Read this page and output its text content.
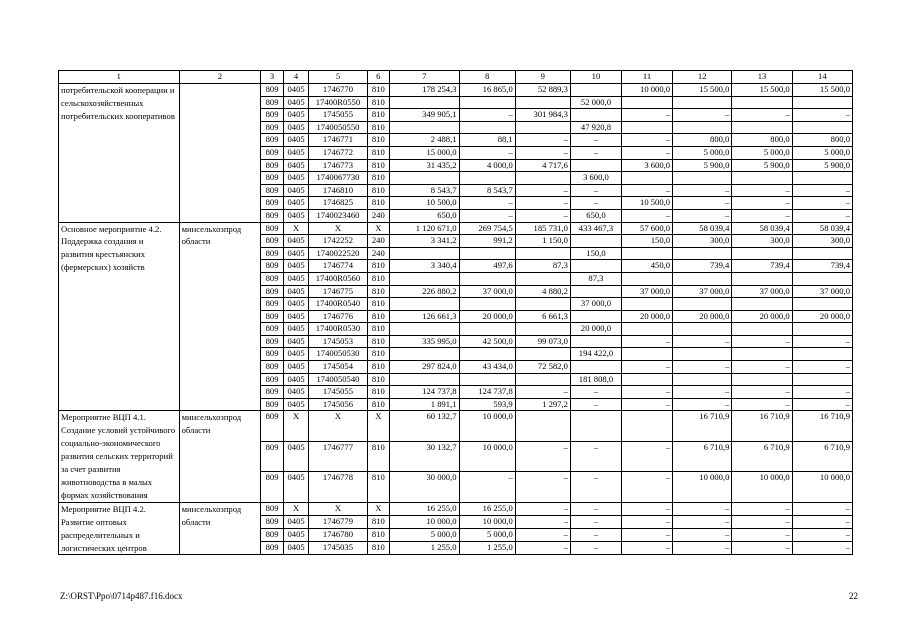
1	2	3	4	5	6	7	8	9	10	11	12	13	14
потребительской кооперации и сельскохозяйственных потребительских кооперативов		809	0405	1746770	810	178 254,3	16 865,0	52 889,3		10 000,0	15 500,0	15 500,0	15 500,0
		809	0405	17400R0550	810				52 000,0				
		809	0405	1745055	810	349 905,1	–	301 984,3		–	–	–	–
		809	0405	1740050550	810				47 920,8				
		809	0405	1746771	810	2 488,1	88,1	–	–	–	800,0	800,0	800,0
		809	0405	1746772	810	15 000,0	–	–	–	–	5 000,0	5 000,0	5 000,0
		809	0405	1746773	810	31 435,2	4 000,0	4 717,6		3 600,0	5 900,0	5 900,0	5 900,0
		809	0405	1740067730	810				3 600,0				
		809	0405	1746810	810	8 543,7	8 543,7	–	–	–	–	–	–
		809	0405	1746825	810	10 500,0	–	–	–	10 500,0	–	–	–
		809	0405	1740023460	240	650,0	–	–	650,0	–	–	–	–
Основное мероприятие 4.2. Поддержка создания и развития крестьянских (фермерских) хозяйств	минсельхозпрод области	809	Х	Х	Х	1 120 671,0	269 754,5	185 731,0	433 467,3	57 600,0	58 039,4	58 039,4	58 039,4
		809	0405	1742252	240	3 341,2	991,2	1 150,0		150,0	300,0	300,0	300,0
		809	0405	1740022520	240				150,0				
		809	0405	1746774	810	3 340,4	497,6	87,3		450,0	739,4	739,4	739,4
		809	0405	17400R0560	810				87,3				
		809	0405	1746775	810	226 880,2	37 000,0	4 880,2		37 000,0	37 000,0	37 000,0	37 000,0
		809	0405	17400R0540	810				37 000,0				
		809	0405	1746776	810	126 661,3	20 000,0	6 661,3		20 000,0	20 000,0	20 000,0	20 000,0
		809	0405	17400R0530	810				20 000,0				
		809	0405	1745053	810	335 995,0	42 500,0	99 073,0		–	–	–	–
		809	0405	1740050530	810				194 422,0				
		809	0405	1745054	810	297 824,0	43 434,0	72 582,0		–	–	–	–
		809	0405	1740050540	810				181 808,0				
		809	0405	1745055	810	124 737,8	124 737,8	–	–	–	–	–	–
		809	0405	1745056	810	1 891,1	593,9	1 297,2	–	–	–	–	–
Мероприятие ВЦП 4.1. Создание условий устойчивого социально-экономического развития сельских территорий за счет развития животноводства в малых формах хозяйствования	минсельхозпрод области	809	Х	Х	Х	60 132,7	10 000,0				16 710,9	16 710,9	16 710,9
		809	0405	1746777	810	30 132,7	10 000,0	–	–	–	6 710,9	6 710,9	6 710,9
		809	0405	1746778	810	30 000,0	–	–	–	–	10 000,0	10 000,0	10 000,0
Мероприятие ВЦП 4.2. Развитие оптовых распределительных и логистических центров	минсельхозпрод области	809	Х	Х	Х	16 255,0	16 255,0	–	–	–	–	–	–
		809	0405	1746779	810	10 000,0	10 000,0	–	–	–	–	–	–
		809	0405	1746780	810	5 000,0	5 000,0	–	–	–	–	–	–
		809	0405	1745035	810	1 255,0	1 255,0	–	–	–	–	–	–
Z:\ORST\Ppo\0714p487.f16.docx	22
